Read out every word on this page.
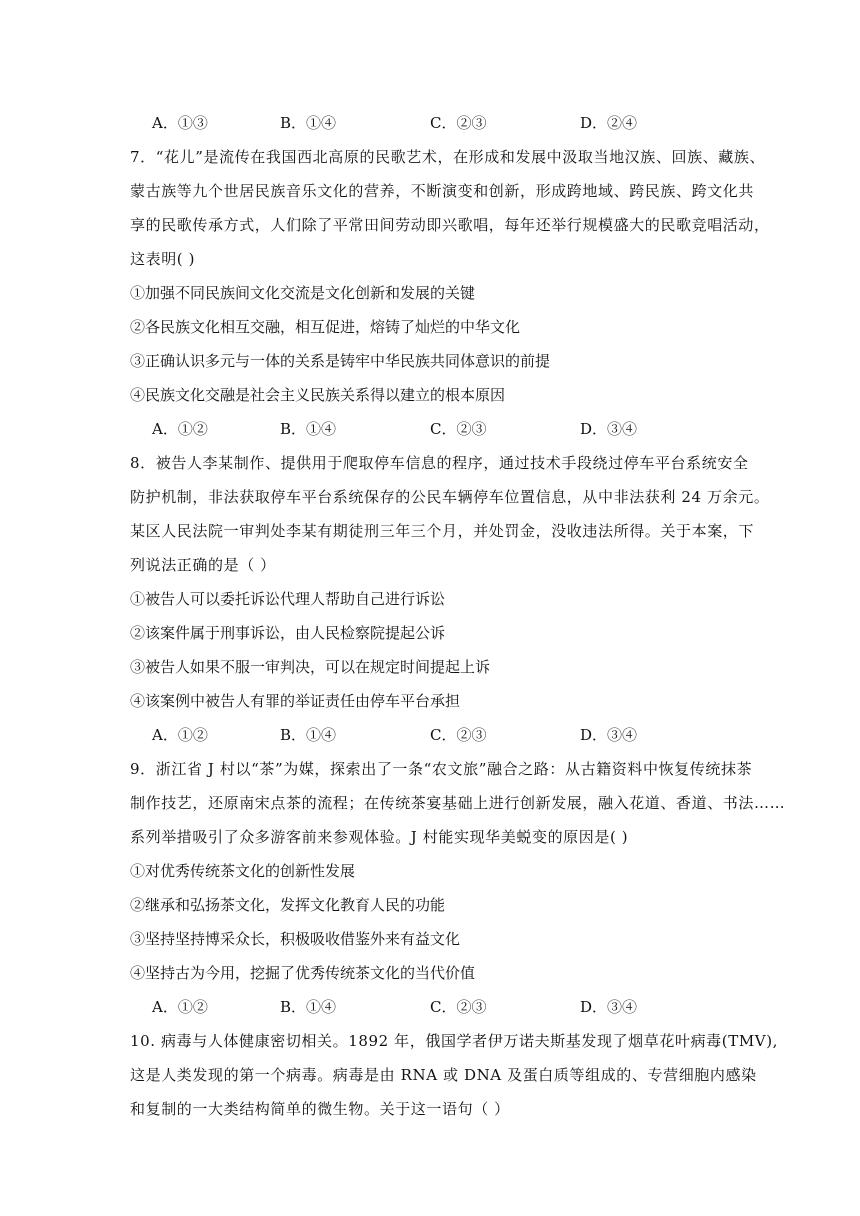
A．①③	B．①④	C．②③	D．②④
7．“花儿”是流传在我国西北高原的民歌艺术，在形成和发展中汲取当地汉族、回族、藏族、
蒙古族等九个世居民族音乐文化的营养，不断演变和创新，形成跨地域、跨民族、跨文化共
享的民歌传承方式，人们除了平常田间劳动即兴歌唱，每年还举行规模盛大的民歌竞唱活动，
这表明( )
①加强不同民族间文化交流是文化创新和发展的关键
②各民族文化相互交融，相互促进，熔铸了灿烂的中华文化
③正确认识多元与一体的关系是铸牢中华民族共同体意识的前提
④民族文化交融是社会主义民族关系得以建立的根本原因
A．①②	B．①④	C．②③	D．③④
8．被告人李某制作、提供用于爬取停车信息的程序，通过技术手段绕过停车平台系统安全
防护机制，非法获取停车平台系统保存的公民车辆停车位置信息，从中非法获利 24 万余元。
某区人民法院一审判处李某有期徒刑三年三个月，并处罚金，没收违法所得。关于本案，下
列说法正确的是（ ）
①被告人可以委托诉讼代理人帮助自己进行诉讼
②该案件属于刑事诉讼，由人民检察院提起公诉
③被告人如果不服一审判决，可以在规定时间提起上诉
④该案例中被告人有罪的举证责任由停车平台承担
A．①②	B．①④	C．②③	D．③④
9．浙江省 J 村以“茶”为媒，探索出了一条“农文旅”融合之路：从古籍资料中恢复传统抹茶
制作技艺，还原南宋点茶的流程；在传统茶宴基础上进行创新发展，融入花道、香道、书法……
系列举措吸引了众多游客前来参观体验。J 村能实现华美蜕变的原因是( )
①对优秀传统茶文化的创新性发展
②继承和弘扬茶文化，发挥文化教育人民的功能
③坚持坚持博采众长，积极吸收借鉴外来有益文化
④坚持古为今用，挖掘了优秀传统茶文化的当代价值
A．①②	B．①④	C．②③	D．③④
10. 病毒与人体健康密切相关。1892 年，俄国学者伊万诺夫斯基发现了烟草花叶病毒(TMV),
这是人类发现的第一个病毒。病毒是由 RNA 或 DNA 及蛋白质等组成的、专营细胞内感染
和复制的一大类结构简单的微生物。关于这一语句（ ）
